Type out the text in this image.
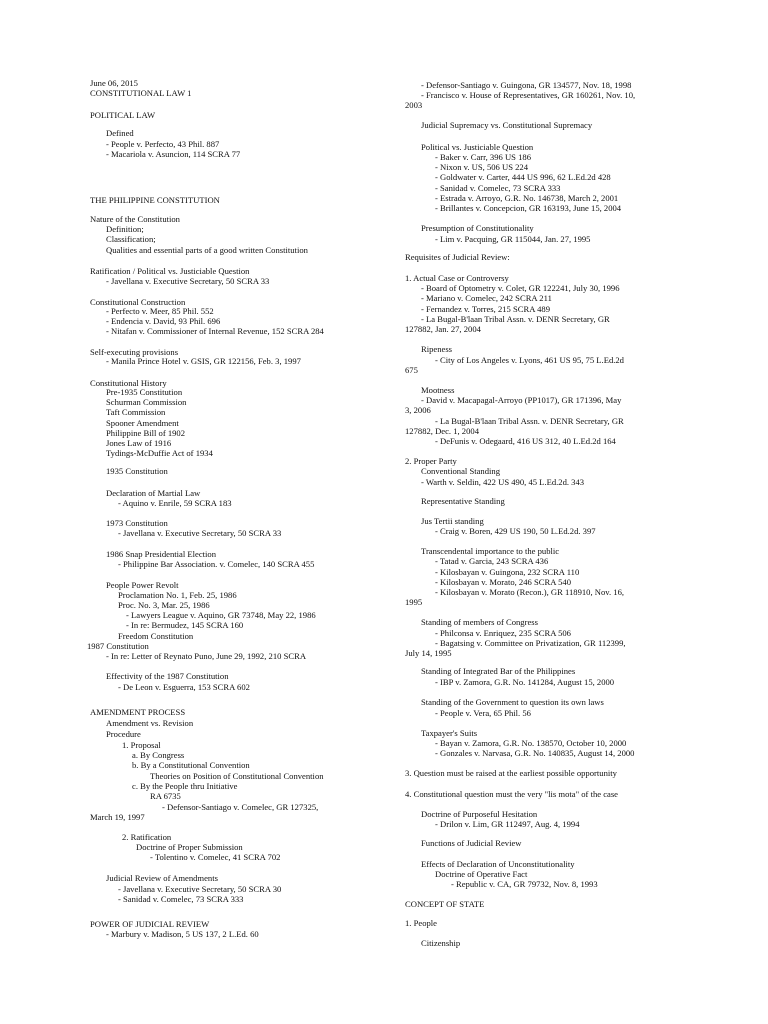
June 06, 2015
CONSTITUTIONAL LAW 1
POLITICAL LAW
Defined
- People v. Perfecto, 43 Phil. 887
- Macariola v. Asuncion, 114 SCRA 77
THE PHILIPPINE CONSTITUTION
Nature of the Constitution
Definition;
Classification;
Qualities and essential parts of a good written Constitution
Ratification / Political vs. Justiciable Question
- Javellana v. Executive Secretary, 50 SCRA 33
Constitutional Construction
- Perfecto v. Meer, 85 Phil. 552
- Endencia v. David, 93 Phil. 696
- Nitafan v. Commissioner of Internal Revenue, 152 SCRA 284
Self-executing provisions
- Manila Prince Hotel v. GSIS, GR 122156, Feb. 3, 1997
Constitutional History
Pre-1935 Constitution
Schurman Commission
Taft Commission
Spooner Amendment
Philippine Bill of 1902
Jones Law of 1916
Tydings-McDuffie Act of 1934
1935 Constitution
Declaration of Martial Law
- Aquino v. Enrile, 59 SCRA 183
1973 Constitution
- Javellana v. Executive Secretary, 50 SCRA 33
1986 Snap Presidential Election
- Philippine Bar Association. v. Comelec, 140 SCRA 455
People Power Revolt
Proclamation No. 1, Feb. 25, 1986
Proc. No. 3, Mar. 25, 1986
- Lawyers League v. Aquino, GR 73748, May 22, 1986
- In re: Bermudez, 145 SCRA 160
Freedom Constitution
1987 Constitution
- In re: Letter of Reynato Puno, June 29, 1992, 210 SCRA
Effectivity of the 1987 Constitution
- De Leon v. Esguerra, 153 SCRA 602
AMENDMENT PROCESS
Amendment vs. Revision
Procedure
1. Proposal
a. By Congress
b. By a Constitutional Convention
Theories on Position of Constitutional Convention
c. By the People thru Initiative
RA 6735
- Defensor-Santiago v. Comelec, GR 127325,
March 19, 1997
2. Ratification
Doctrine of Proper Submission
- Tolentino v. Comelec, 41 SCRA 702
Judicial Review of Amendments
- Javellana v. Executive Secretary, 50 SCRA 30
- Sanidad v. Comelec, 73 SCRA 333
POWER OF JUDICIAL REVIEW
- Marbury v. Madison, 5 US 137, 2 L.Ed. 60
- Defensor-Santiago v. Guingona, GR 134577, Nov. 18, 1998
- Francisco v. House of Representatives, GR 160261, Nov. 10,
2003
Judicial Supremacy vs. Constitutional Supremacy
Political vs. Justiciable Question
- Baker v. Carr, 396 US 186
- Nixon v. US, 506 US 224
- Goldwater v. Carter, 444 US 996, 62 L.Ed.2d 428
- Sanidad v. Comelec, 73 SCRA 333
- Estrada v. Arroyo, G.R. No. 146738, March 2, 2001
- Brillantes v. Concepcion, GR 163193, June 15, 2004
Presumption of Constitutionality
- Lim v. Pacquing, GR 115044, Jan. 27, 1995
Requisites of Judicial Review:
1. Actual Case or Controversy
- Board of Optometry v. Colet, GR 122241, July 30, 1996
- Mariano v. Comelec, 242 SCRA 211
- Fernandez v. Torres, 215 SCRA 489
- La Bugal-B'laan Tribal Assn. v. DENR Secretary, GR
127882, Jan. 27, 2004
Ripeness
- City of Los Angeles v. Lyons, 461 US 95, 75 L.Ed.2d
675
Mootness
- David v. Macapagal-Arroyo (PP1017), GR 171396, May
3, 2006
- La Bugal-B'laan Tribal Assn. v. DENR Secretary, GR
127882, Dec. 1, 2004
- DeFunis v. Odegaard, 416 US 312, 40 L.Ed.2d 164
2. Proper Party
Conventional Standing
- Warth v. Seldin, 422 US 490, 45 L.Ed.2d. 343
Representative Standing
Jus Tertii standing
- Craig v. Boren, 429 US 190, 50 L.Ed.2d. 397
Transcendental importance to the public
- Tatad v. Garcia, 243 SCRA 436
- Kilosbayan v. Guingona, 232 SCRA 110
- Kilosbayan v. Morato, 246 SCRA 540
- Kilosbayan v. Morato (Recon.), GR 118910, Nov. 16,
1995
Standing of members of Congress
- Philconsa v. Enriquez, 235 SCRA 506
- Bagatsing v. Committee on Privatization, GR 112399,
July 14, 1995
Standing of Integrated Bar of the Philippines
- IBP v. Zamora, G.R. No. 141284, August 15, 2000
Standing of the Government to question its own laws
- People v. Vera, 65 Phil. 56
Taxpayer's Suits
- Bayan v. Zamora, G.R. No. 138570, October 10, 2000
- Gonzales v. Narvasa, G.R. No. 140835, August 14, 2000
3. Question must be raised at the earliest possible opportunity
4. Constitutional question must the very "lis mota" of the case
Doctrine of Purposeful Hesitation
- Drilon v. Lim, GR 112497, Aug. 4, 1994
Functions of Judicial Review
Effects of Declaration of Unconstitutionality
Doctrine of Operative Fact
- Republic v. CA, GR 79732, Nov. 8, 1993
CONCEPT OF STATE
1. People
Citizenship
